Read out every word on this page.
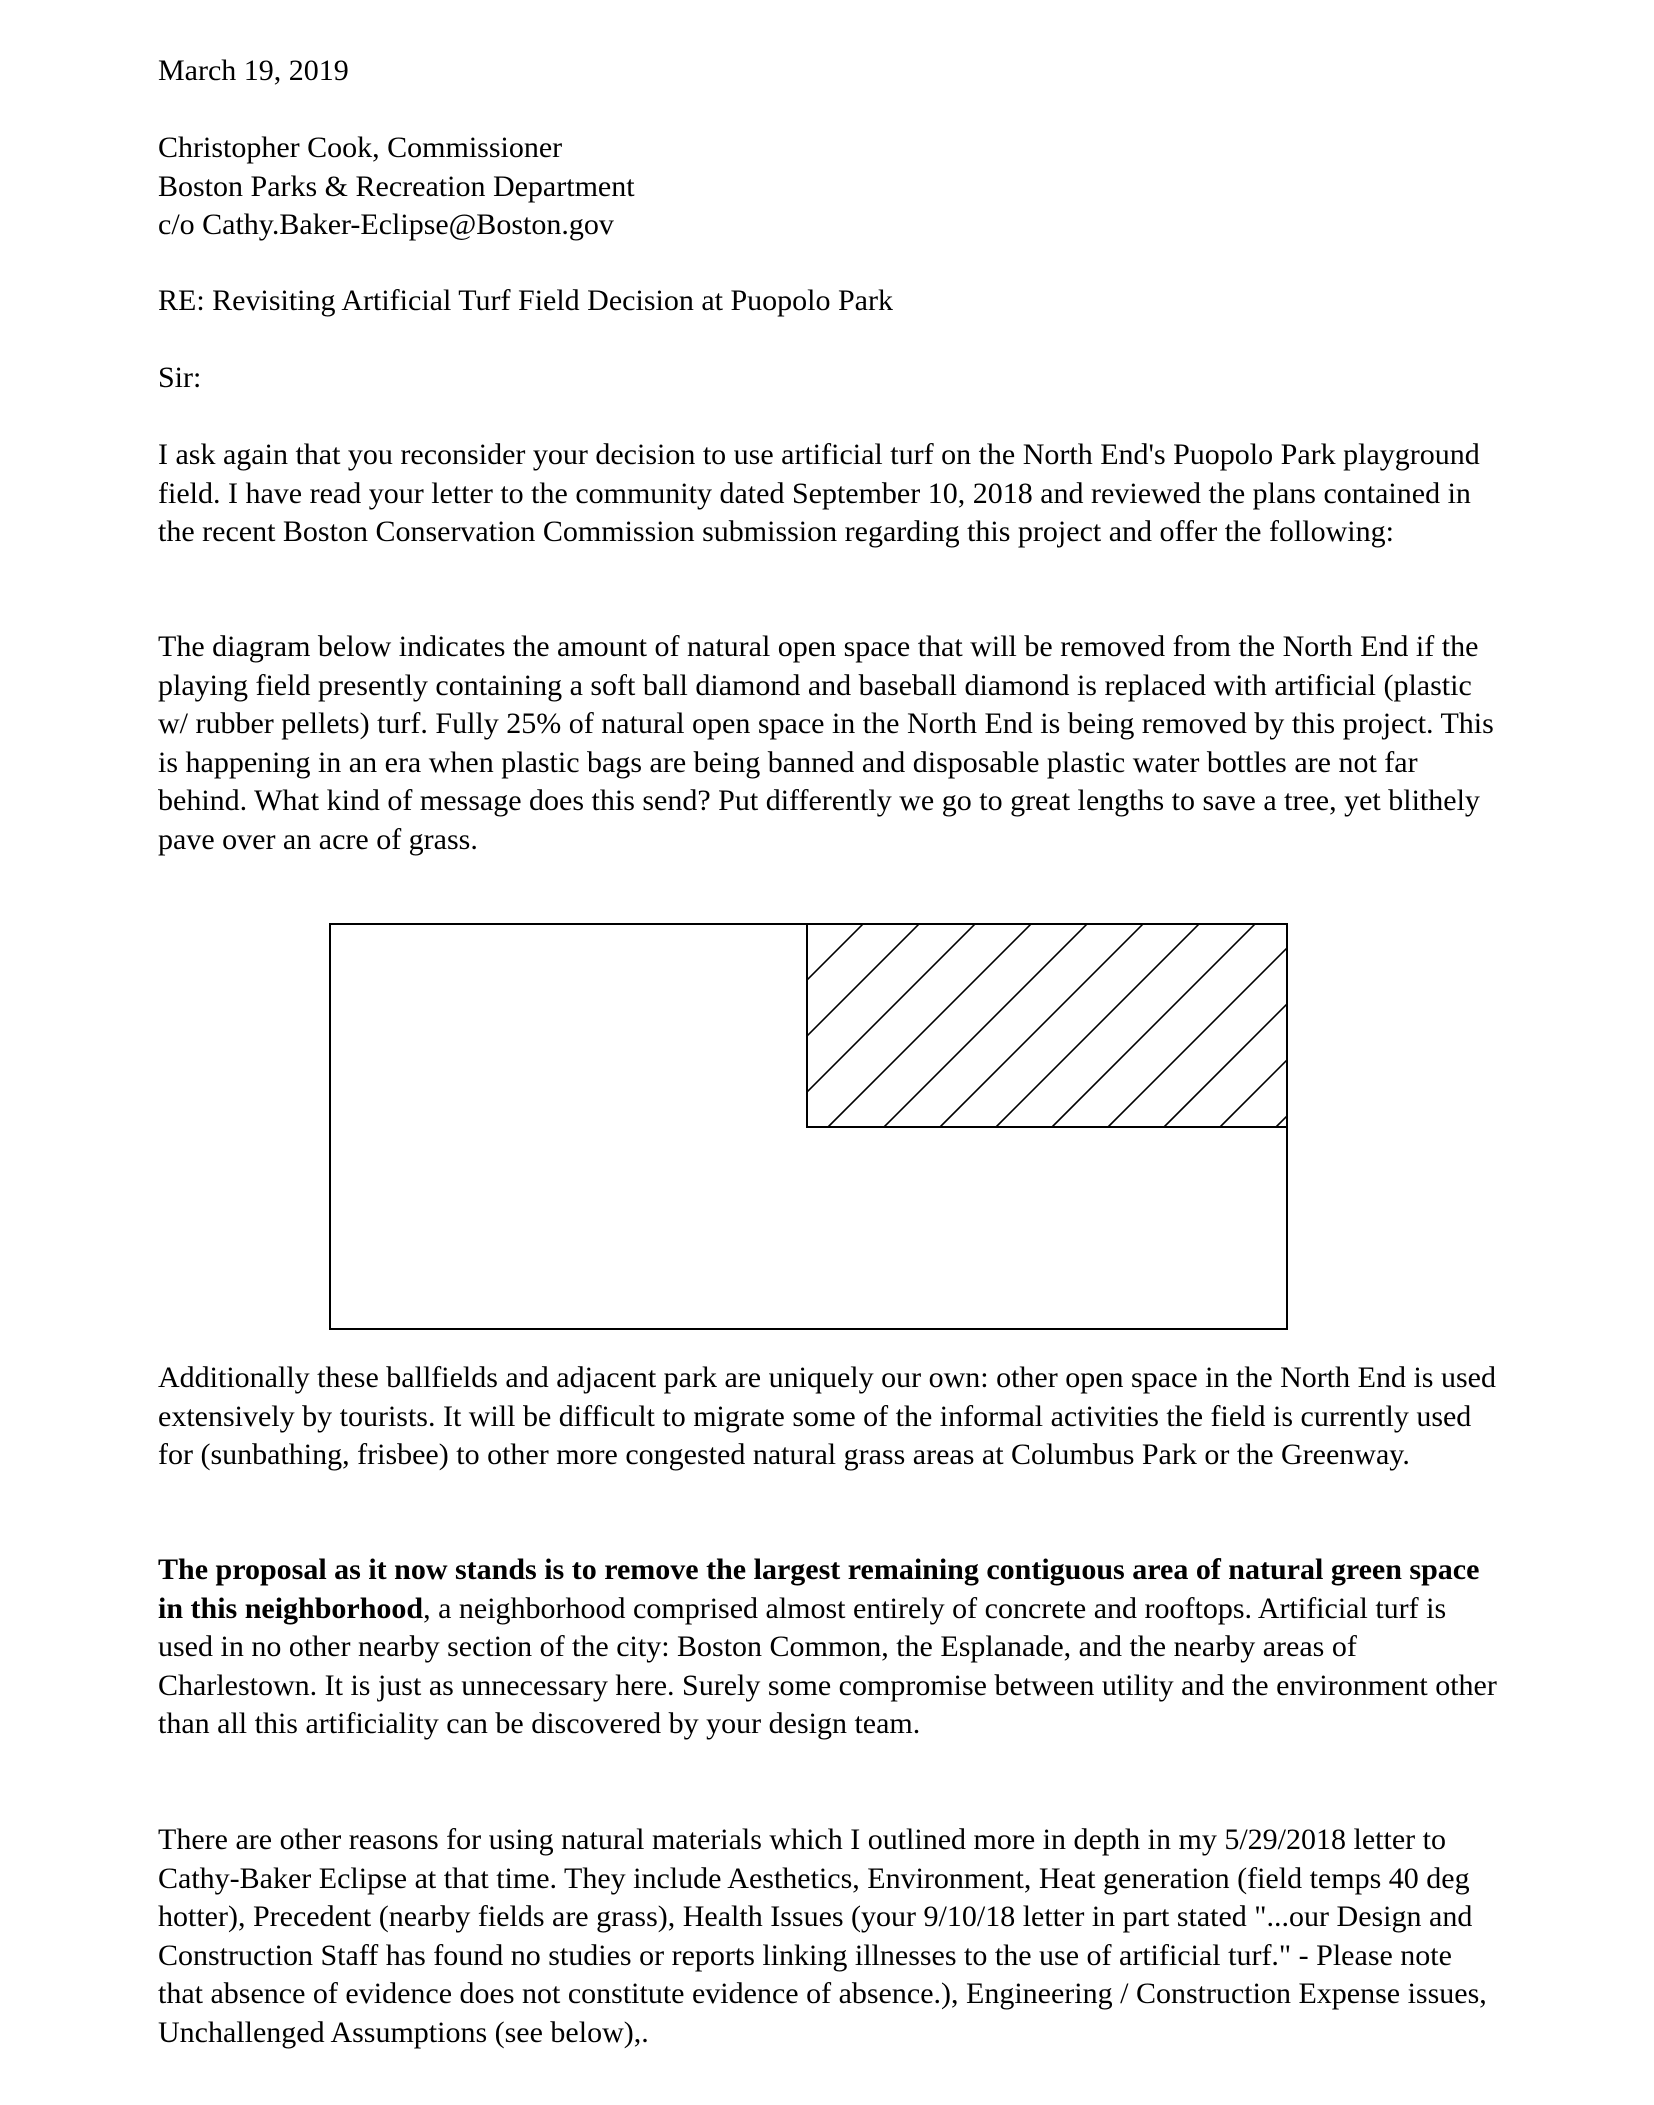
March 19, 2019
Christopher Cook, Commissioner
Boston Parks & Recreation Department
c/o Cathy.Baker-Eclipse@Boston.gov
RE: Revisiting Artificial Turf Field Decision at Puopolo Park
Sir:

I ask again that you reconsider your decision to use artificial turf on the North End's Puopolo Park playground field. I have read your letter to the community dated September 10, 2018 and reviewed the plans contained in the recent Boston Conservation Commission submission regarding this project and offer the following:

The diagram below indicates the amount of natural open space that will be removed from the North End if the playing field presently containing a soft ball diamond and baseball diamond is replaced with artificial (plastic w/ rubber pellets) turf. Fully 25% of natural open space in the North End is being removed by this project. This is happening in an era when plastic bags are being banned and disposable plastic water bottles are not far behind. What kind of message does this send? Put differently we go to great lengths to save a tree, yet blithely pave over an acre of grass.

Additionally these ballfields and adjacent park are uniquely our own: other open space in the North End is used extensively by tourists. It will be difficult to migrate some of the informal activities the field is currently used for (sunbathing, frisbee) to other more congested natural grass areas at Columbus Park or the Greenway.

The proposal as it now stands is to remove the largest remaining contiguous area of natural green space in this neighborhood, a neighborhood comprised almost entirely of concrete and rooftops. Artificial turf is used in no other nearby section of the city: Boston Common, the Esplanade, and the nearby areas of Charlestown. It is just as unnecessary here. Surely some compromise between utility and the environment other than all this artificiality can be discovered by your design team.

There are other reasons for using natural materials which I outlined more in depth in my 5/29/2018 letter to Cathy-Baker Eclipse at that time. They include Aesthetics, Environment, Heat generation (field temps 40 deg hotter), Precedent (nearby fields are grass), Health Issues (your 9/10/18 letter in part stated "...our Design and Construction Staff has found no studies or reports linking illnesses to the use of artificial turf." - Please note that absence of evidence does not constitute evidence of absence.), Engineering / Construction Expense issues, Unchallenged Assumptions (see below),.
